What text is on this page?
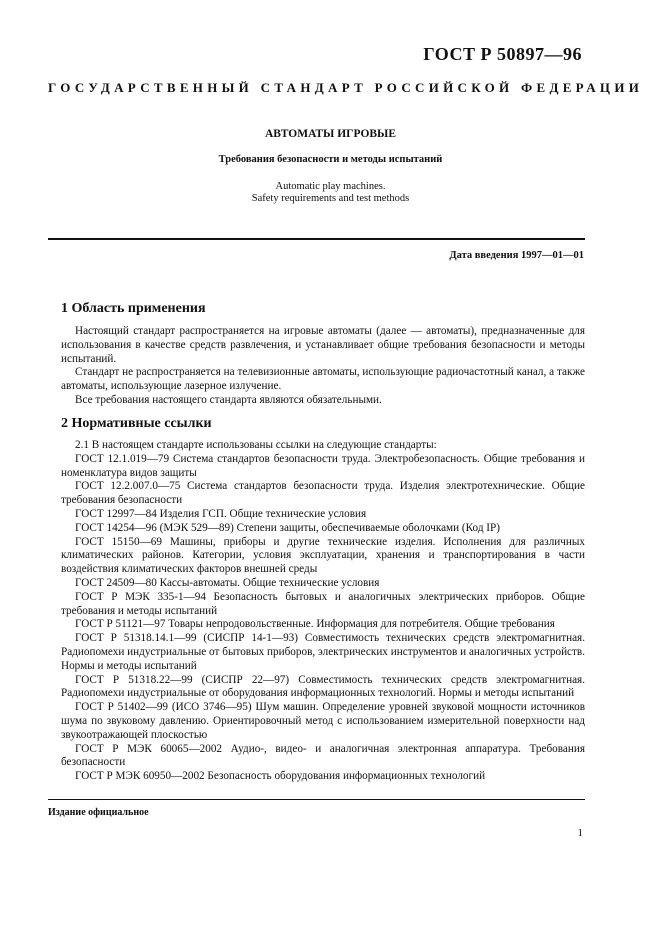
ГОСТ Р 50897—96
ГОСУДАРСТВЕННЫЙ СТАНДАРТ РОССИЙСКОЙ ФЕДЕРАЦИИ
АВТОМАТЫ ИГРОВЫЕ
Требования безопасности и методы испытаний
Automatic play machines.
Safety requirements and test methods
Дата введения 1997—01—01
1 Область применения

Настоящий стандарт распространяется на игровые автоматы (далее — автоматы), предназначенные для использования в качестве средств развлечения, и устанавливает общие требования безопасности и методы испытаний.

Стандарт не распространяется на телевизионные автоматы, использующие радиочастотный канал, а также автоматы, использующие лазерное излучение.

Все требования настоящего стандарта являются обязательными.

2 Нормативные ссылки

2.1 В настоящем стандарте использованы ссылки на следующие стандарты:

ГОСТ 12.1.019—79 Система стандартов безопасности труда. Электробезопасность. Общие требования и номенклатура видов защиты

ГОСТ 12.2.007.0—75 Система стандартов безопасности труда. Изделия электротехнические. Общие требования безопасности

ГОСТ 12997—84 Изделия ГСП. Общие технические условия

ГОСТ 14254—96 (МЭК 529—89) Степени защиты, обеспечиваемые оболочками (Код IP)

ГОСТ 15150—69 Машины, приборы и другие технические изделия. Исполнения для различных климатических районов. Категории, условия эксплуатации, хранения и транспортирования в части воздействия климатических факторов внешней среды

ГОСТ 24509—80 Кассы-автоматы. Общие технические условия

ГОСТ Р МЭК 335-1—94 Безопасность бытовых и аналогичных электрических приборов. Общие требования и методы испытаний

ГОСТ Р 51121—97 Товары непродовольственные. Информация для потребителя. Общие требования

ГОСТ Р 51318.14.1—99 (СИСПР 14-1—93) Совместимость технических средств электромагнитная. Радиопомехи индустриальные от бытовых приборов, электрических инструментов и аналогичных устройств. Нормы и методы испытаний

ГОСТ Р 51318.22—99 (СИСПР 22—97) Совместимость технических средств электромагнитная. Радиопомехи индустриальные от оборудования информационных технологий. Нормы и методы испытаний

ГОСТ Р 51402—99 (ИСО 3746—95) Шум машин. Определение уровней звуковой мощности источников шума по звуковому давлению. Ориентировочный метод с использованием измерительной поверхности над звукоотражающей плоскостью

ГОСТ Р МЭК 60065—2002 Аудио-, видео- и аналогичная электронная аппаратура. Требования безопасности

ГОСТ Р МЭК 60950—2002 Безопасность оборудования информационных технологий

Издание официальное
1
